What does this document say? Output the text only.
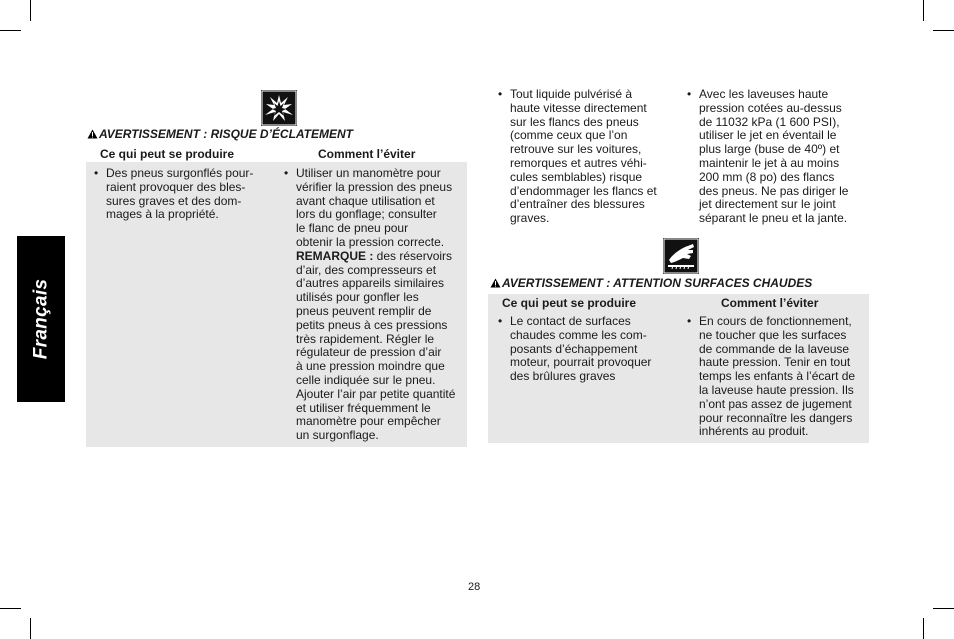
Français
AVERTISSEMENT : RISQUE D’ÉCLATEMENT
Ce qui peut se produire	Comment l’éviter
• Des pneus surgonflés pour-
raient provoquer des bles-
sures graves et des dom-
mages à la propriété.
• Utiliser un manomètre pour
vérifier la pression des pneus
avant chaque utilisation et
lors du gonflage; consulter
le flanc de pneu pour
obtenir la pression correcte.
REMARQUE : des réservoirs
d’air, des compresseurs et
d’autres appareils similaires
utilisés pour gonfler les
pneus peuvent remplir de
petits pneus à ces pressions
très rapidement. Régler le
régulateur de pression d’air
à une pression moindre que
celle indiquée sur le pneu.
Ajouter l’air par petite quantité
et utiliser fréquemment le
manomètre pour empêcher
un surgonflage.
• Tout liquide pulvérisé à
haute vitesse directement
sur les flancs des pneus
(comme ceux que l’on
retrouve sur les voitures,
remorques et autres véhi-
cules semblables) risque
d’endommager les flancs et
d’entraîner des blessures
graves.
• Avec les laveuses haute
pression cotées au-dessus
de 11032 kPa (1 600 PSI),
utiliser le jet en éventail le
plus large (buse de 40º) et
maintenir le jet à au moins
200 mm (8 po) des flancs
des pneus. Ne pas diriger le
jet directement sur le joint
séparant le pneu et la jante.
AVERTISSEMENT : ATTENTION SURFACES CHAUDES
Ce qui peut se produire	Comment l’éviter
• Le contact de surfaces
chaudes comme les com-
posants d’échappement
moteur, pourrait provoquer
des brûlures graves
• En cours de fonctionnement,
ne toucher que les surfaces
de commande de la laveuse
haute pression. Tenir en tout
temps les enfants à l’écart de
la laveuse haute pression. Ils
n’ont pas assez de jugement
pour reconnaître les dangers
inhérents au produit.
28
